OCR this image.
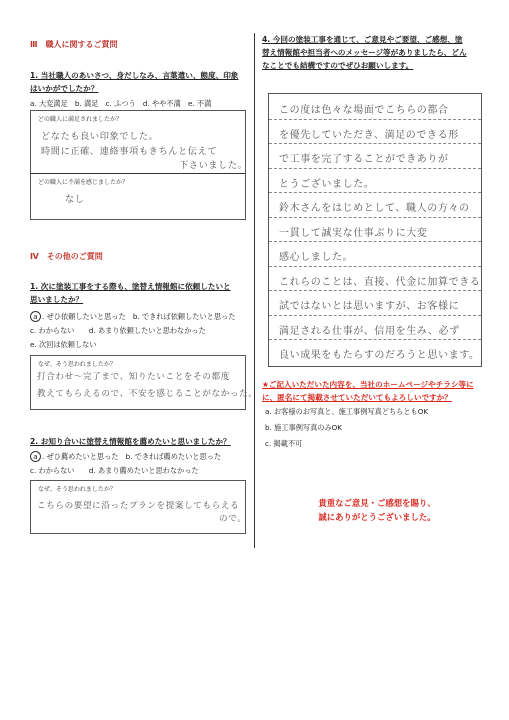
Ⅲ　職人に関するご質問
1. 当社職人のあいさつ、身だしなみ、言葉遣い、態度、印象
はいかがでしたか？
a. 大変満足　b. 満足　c. ふつう　d. やや不満　e. 不満
どの職人に満足されましたか？
どなたも良い印象でした。
時間に正確、連絡事項もきちんと伝えて
下さいました。
どの職人に不満を感じましたか？
なし
Ⅳ　その他のご質問
1. 次に塗装工事をする際も、塗替え情報館に依頼したいと
思いましたか？
a . ぜひ依頼したいと思った　b. できれば依頼したいと思った
c. わからない　　d. あまり依頼したいと思わなかった
e. 次回は依頼しない
なぜ、そう思われましたか？
打合わせ〜完了まで、知りたいことをその都度
教えてもらえるので、不安を感じることがなかった。
2. お知り合いに塗替え情報館を薦めたいと思いましたか？
a . ぜひ薦めたいと思った　b. できれば薦めたいと思った
c. わからない　　d. あまり薦めたいと思わなかった
なぜ、そう思われましたか？
こちらの要望に沿ったプランを提案してもらえる
ので。
4. 今回の塗装工事を通じて、ご意見やご要望、ご感想、塗
替え情報館や担当者へのメッセージ等がありましたら、どん
なことでも結構ですのでぜひお願いします。
この度は色々な場面でこちらの都合
を優先していただき、満足のできる形
で工事を完了することができありが
とうございました。
鈴木さんをはじめとして、職人の方々の
一貫して誠実な仕事ぶりに大変
感心しました。
これらのことは、直接、代金に加算できる
試ではないとは思いますが、お客様に
満足される仕事が、信用を生み、必ず
良い成果をもたらすのだろうと思います。
★ご記入いただいた内容を、当社のホームページやチラシ等に
に、匿名にて掲載させていただいてもよろしいですか？
a. お客様のお写真と、施工事例写真どちらともOK
b. 施工事例写真のみOK
c. 掲載不可
貴重なご意見・ご感想を賜り、
誠にありがとうございました。
